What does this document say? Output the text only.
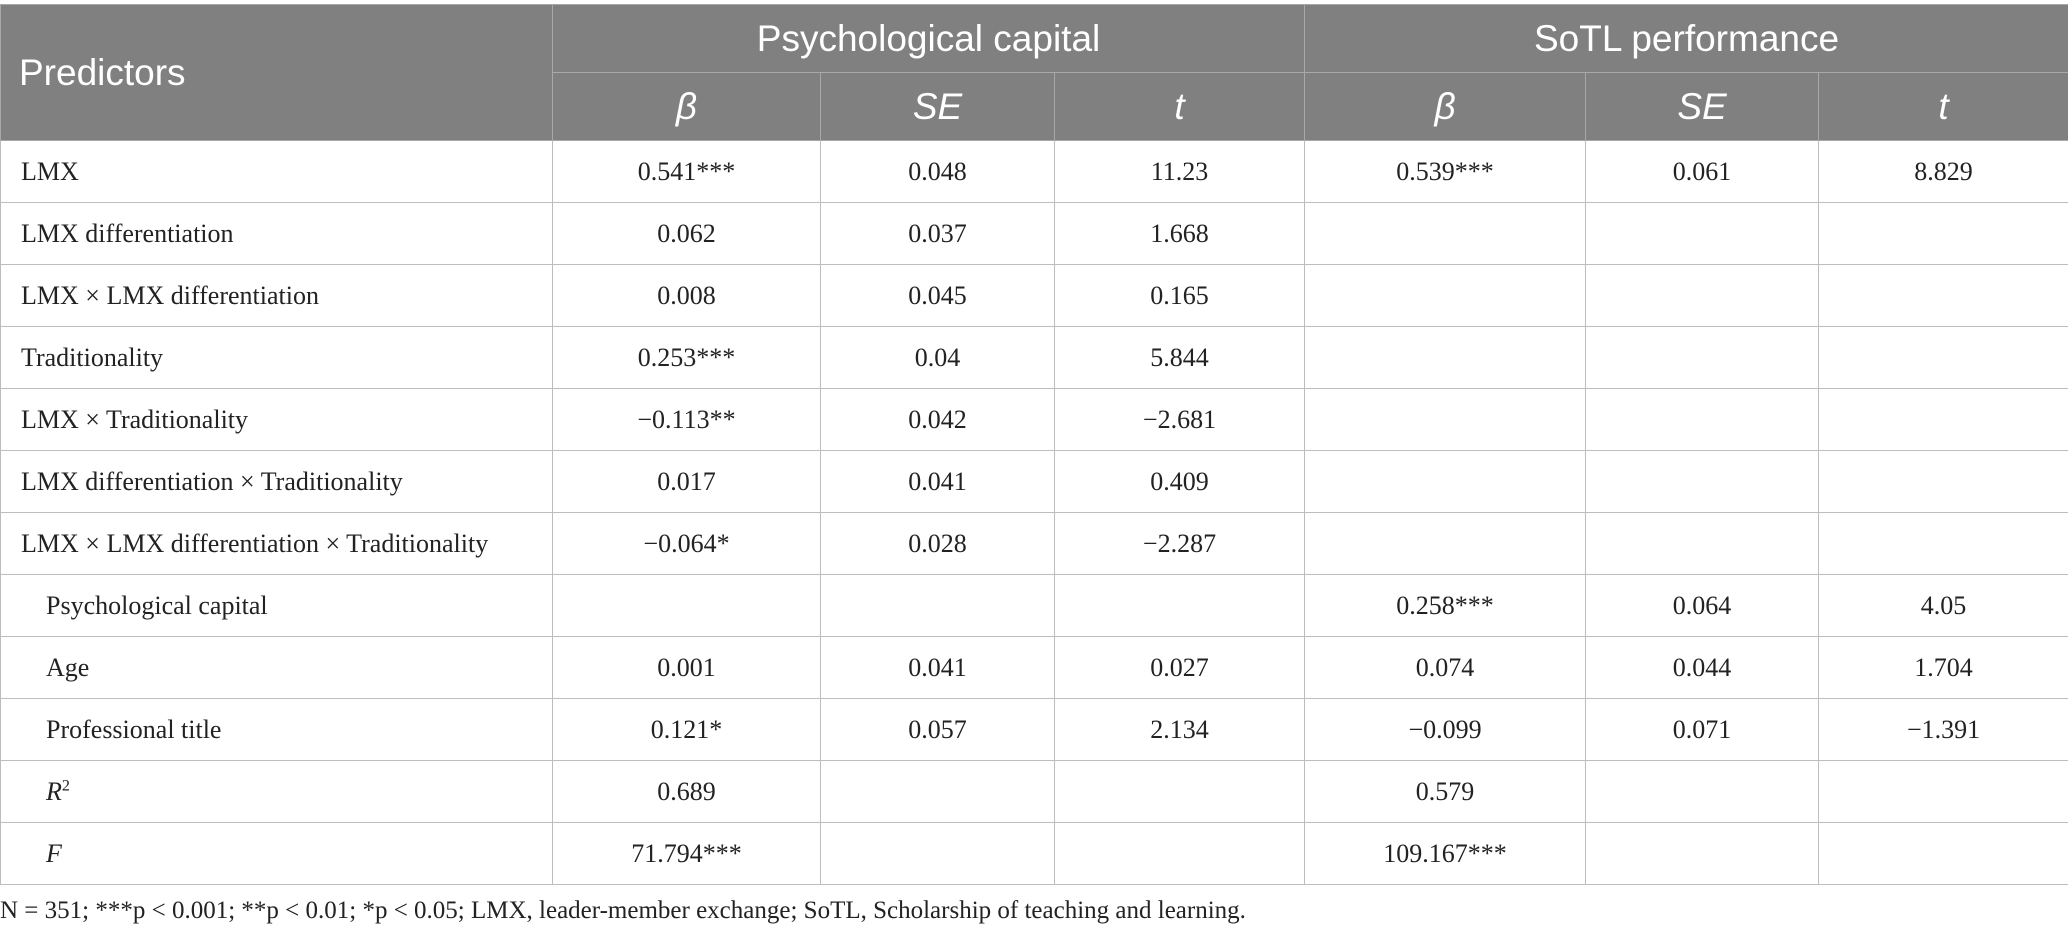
Predictors	Psychological capital			SoTL performance		
	β	SE	t	β	SE	t
LMX	0.541***	0.048	11.23	0.539***	0.061	8.829
LMX differentiation	0.062	0.037	1.668			
LMX × LMX differentiation	0.008	0.045	0.165			
Traditionality	0.253***	0.04	5.844			
LMX × Traditionality	−0.113**	0.042	−2.681			
LMX differentiation × Traditionality	0.017	0.041	0.409			
LMX × LMX differentiation × Traditionality	−0.064*	0.028	−2.287			
Psychological capital				0.258***	0.064	4.05
Age	0.001	0.041	0.027	0.074	0.044	1.704
Professional title	0.121*	0.057	2.134	−0.099	0.071	−1.391
$R^2$	0.689			0.579		
F	71.794***			109.167***		
N = 351; ***p < 0.001; **p < 0.01; *p < 0.05; LMX, leader-member exchange; SoTL, Scholarship of teaching and learning.
